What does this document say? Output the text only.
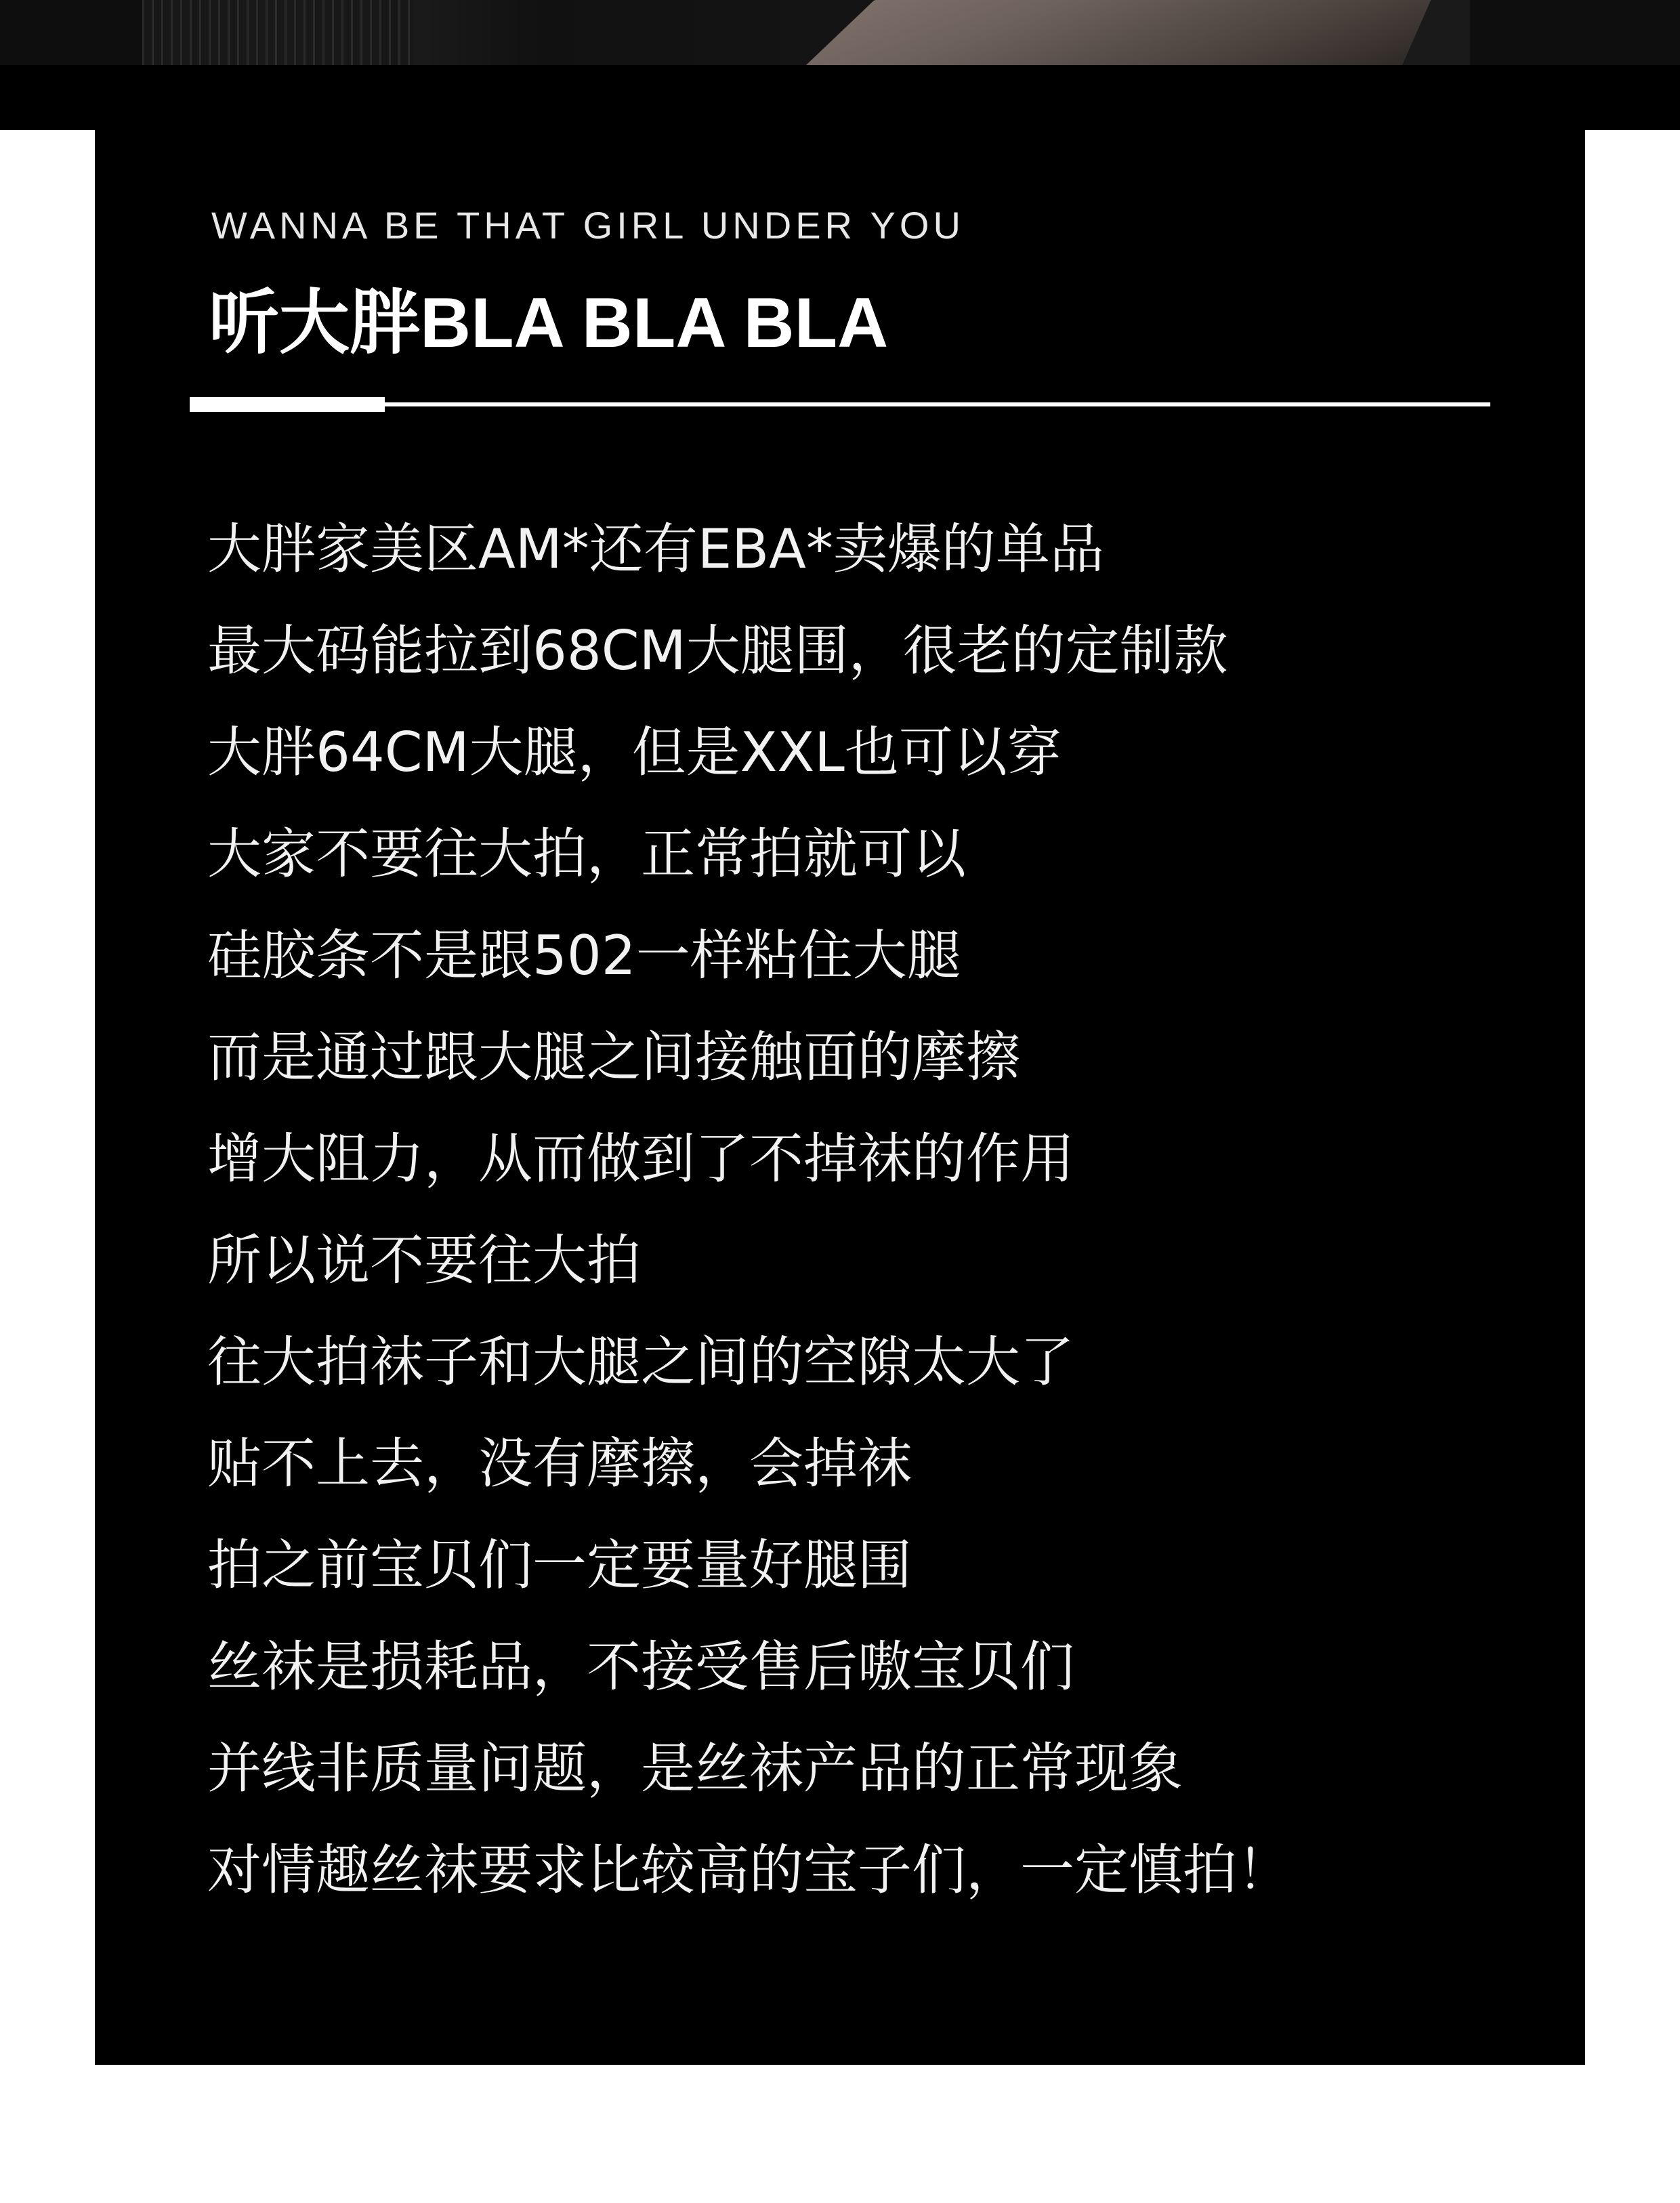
WANNA BE THAT GIRL UNDER YOU
听大胖BLA BLA BLA
大胖家美区AM*还有EBA*卖爆的单品
最大码能拉到68CM大腿围，很老的定制款
大胖64CM大腿，但是XXL也可以穿
大家不要往大拍，正常拍就可以
硅胶条不是跟502一样粘住大腿
而是通过跟大腿之间接触面的摩擦
增大阻力，从而做到了不掉袜的作用
所以说不要往大拍
往大拍袜子和大腿之间的空隙太大了
贴不上去，没有摩擦，会掉袜
拍之前宝贝们一定要量好腿围
丝袜是损耗品，不接受售后嗷宝贝们
并线非质量问题，是丝袜产品的正常现象
对情趣丝袜要求比较高的宝子们，一定慎拍！
